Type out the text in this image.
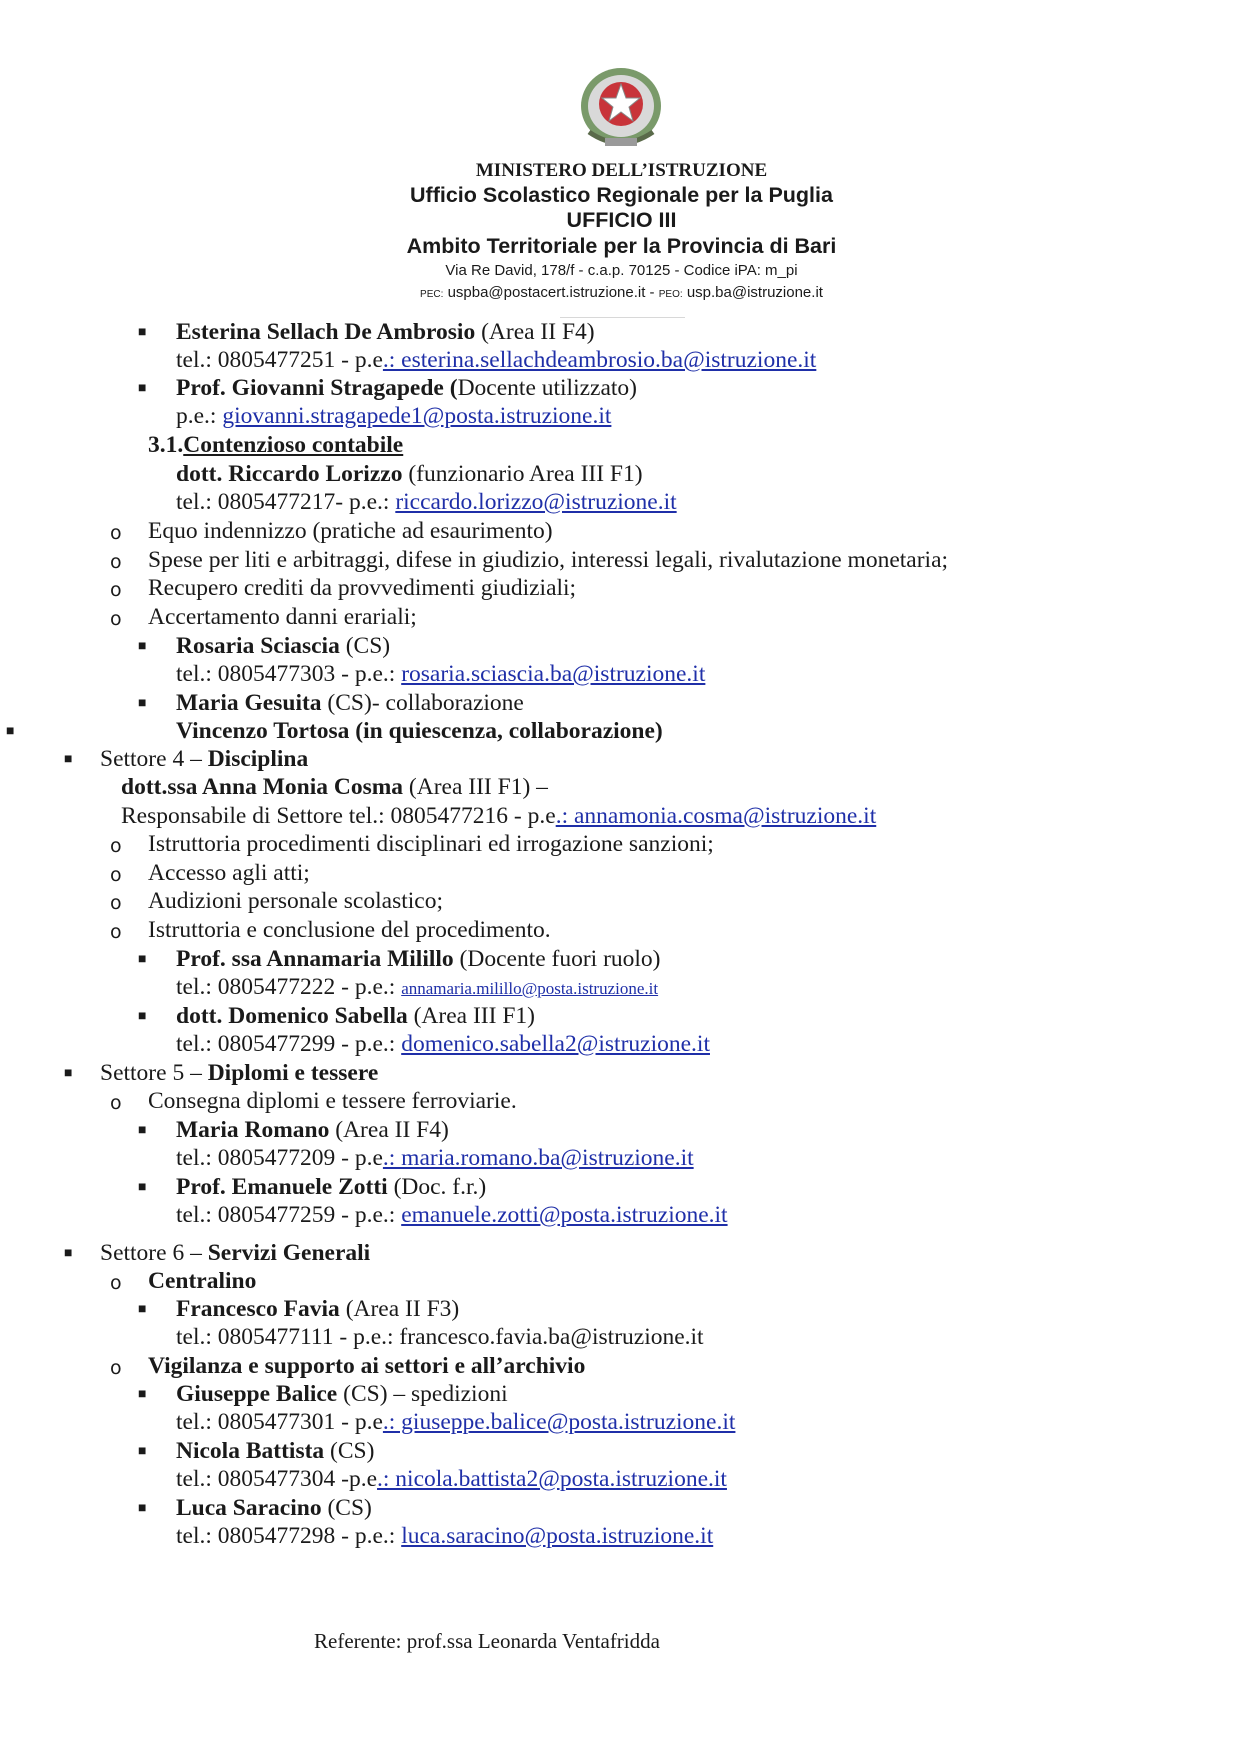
MINISTERO DELL’ISTRUZIONE
Ufficio Scolastico Regionale per la Puglia
UFFICIO III
Ambito Territoriale per la Provincia di Bari
Via Re David, 178/f - c.a.p. 70125 - Codice iPA: m_pi
PEC: uspba@postacert.istruzione.it - PEO: usp.ba@istruzione.it
■ Esterina Sellach De Ambrosio (Area II F4)
tel.: 0805477251 - p.e.: esterina.sellachdeambrosio.ba@istruzione.it
■ Prof. Giovanni Stragapede (Docente utilizzato)
p.e.: giovanni.stragapede1@posta.istruzione.it
3.1.Contenzioso contabile
dott. Riccardo Lorizzo (funzionario Area III F1)
tel.: 0805477217- p.e.: riccardo.lorizzo@istruzione.it
o Equo indennizzo (pratiche ad esaurimento)
o Spese per liti e arbitraggi, difese in giudizio, interessi legali, rivalutazione monetaria;
o Recupero crediti da provvedimenti giudiziali;
o Accertamento danni erariali;
■ Rosaria Sciascia (CS)
tel.: 0805477303 - p.e.: rosaria.sciascia.ba@istruzione.it
■ Maria Gesuita (CS)- collaborazione
■	Vincenzo Tortosa (in quiescenza, collaborazione)
■ Settore 4 – Disciplina
dott.ssa Anna Monia Cosma (Area III F1) –
Responsabile di Settore tel.: 0805477216 - p.e.: annamonia.cosma@istruzione.it
o Istruttoria procedimenti disciplinari ed irrogazione sanzioni;
o Accesso agli atti;
o Audizioni personale scolastico;
o Istruttoria e conclusione del procedimento.
■ Prof. ssa Annamaria Milillo (Docente fuori ruolo)
tel.: 0805477222 - p.e.: annamaria.milillo@posta.istruzione.it
■ dott. Domenico Sabella (Area III F1)
tel.: 0805477299 - p.e.: domenico.sabella2@istruzione.it
■ Settore 5 – Diplomi e tessere
o Consegna diplomi e tessere ferroviarie.
■ Maria Romano (Area II F4)
tel.: 0805477209 - p.e.: maria.romano.ba@istruzione.it
■ Prof. Emanuele Zotti (Doc. f.r.)
tel.: 0805477259 - p.e.: emanuele.zotti@posta.istruzione.it
■ Settore 6 – Servizi Generali
o Centralino
■ Francesco Favia (Area II F3)
tel.: 0805477111 - p.e.: francesco.favia.ba@istruzione.it
o Vigilanza e supporto ai settori e all’archivio
■ Giuseppe Balice (CS) – spedizioni
tel.: 0805477301 - p.e.: giuseppe.balice@posta.istruzione.it
■ Nicola Battista (CS)
tel.: 0805477304 -p.e.: nicola.battista2@posta.istruzione.it
■ Luca Saracino (CS)
tel.: 0805477298 - p.e.: luca.saracino@posta.istruzione.it
Referente: prof.ssa Leonarda Ventafridda
